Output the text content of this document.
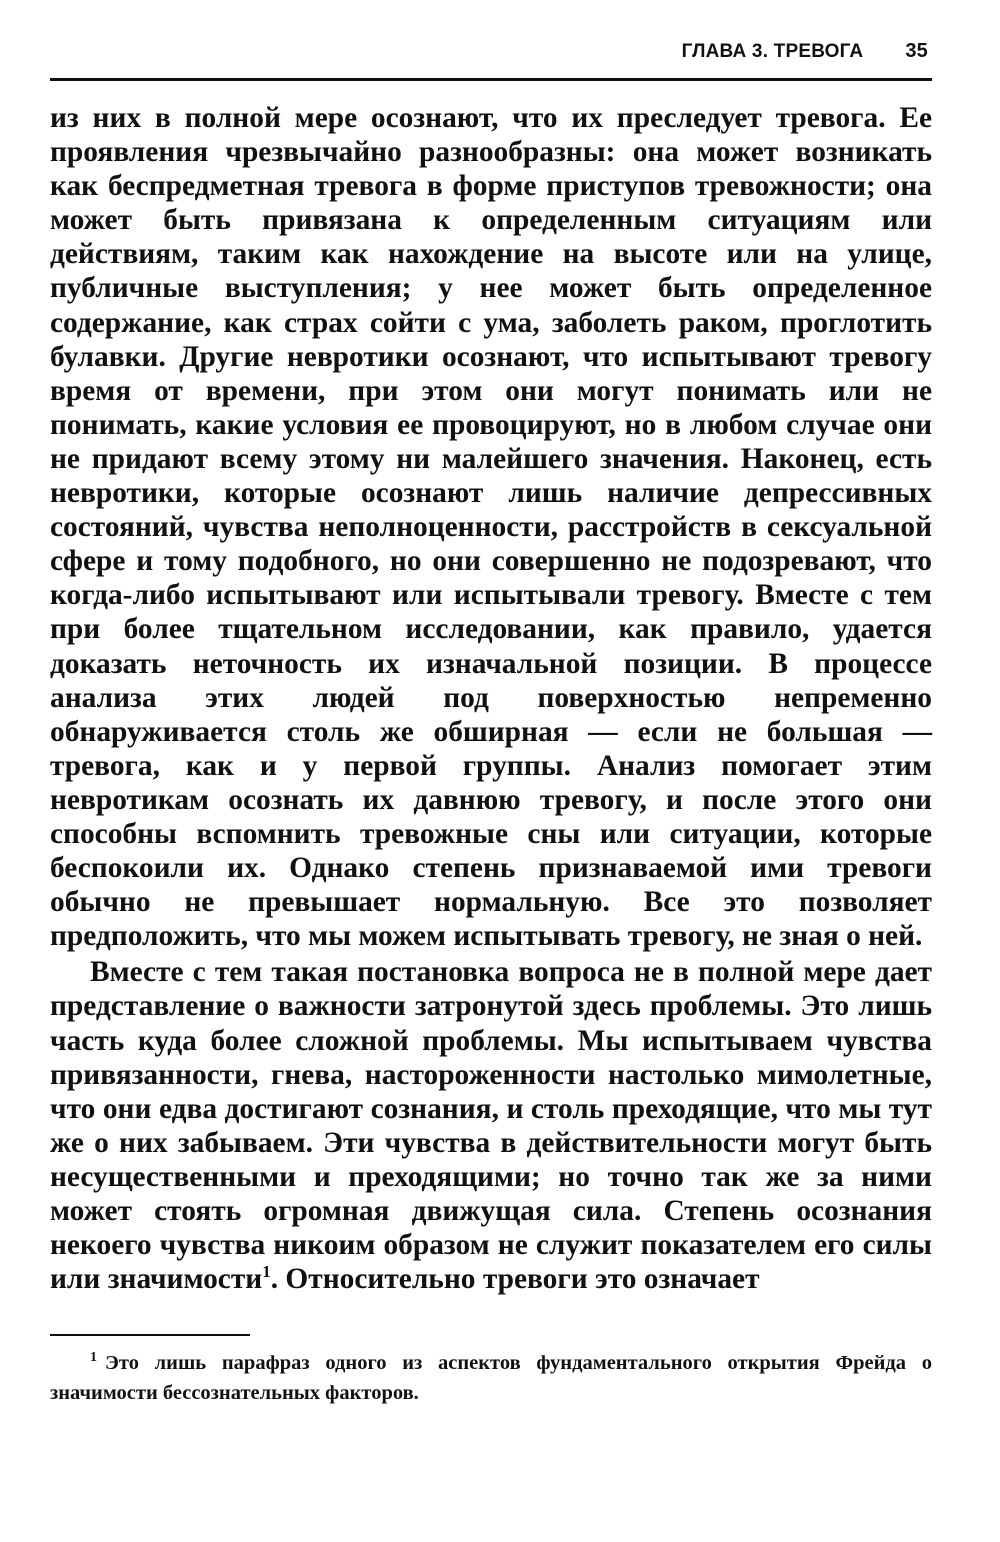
ГЛАВА 3. ТРЕВОГА 35

из них в полной мере осознают, что их преследует тревога. Ее проявления чрезвычайно разнообразны: она может возникать как беспредметная тревога в форме приступов тревожности; она может быть привязана к определенным ситуациям или действиям, таким как нахождение на высоте или на улице, публичные выступления; у нее может быть определенное содержание, как страх сойти с ума, заболеть раком, проглотить булавки. Другие невротики осознают, что испытывают тревогу время от времени, при этом они могут понимать или не понимать, какие условия ее провоцируют, но в любом случае они не придают всему этому ни малейшего значения. Наконец, есть невротики, которые осознают лишь наличие депрессивных состояний, чувства неполноценности, расстройств в сексуальной сфере и тому подобного, но они совершенно не подозревают, что когда-либо испытывают или испытывали тревогу. Вместе с тем при более тщательном исследовании, как правило, удается доказать неточность их изначальной позиции. В процессе анализа этих людей под поверхностью непременно обнаруживается столь же обширная — если не большая — тревога, как и у первой группы. Анализ помогает этим невротикам осознать их давнюю тревогу, и после этого они способны вспомнить тревожные сны или ситуации, которые беспокоили их. Однако степень признаваемой ими тревоги обычно не превышает нормальную. Все это позволяет предположить, что мы можем испытывать тревогу, не зная о ней.

Вместе с тем такая постановка вопроса не в полной мере дает представление о важности затронутой здесь проблемы. Это лишь часть куда более сложной проблемы. Мы испытываем чувства привязанности, гнева, настороженности настолько мимолетные, что они едва достигают сознания, и столь преходящие, что мы тут же о них забываем. Эти чувства в действительности могут быть несущественными и преходящими; но точно так же за ними может стоять огромная движущая сила. Степень осознания некоего чувства никоим образом не служит показателем его силы или значимости$^1$. Относительно тревоги это означает

$^1$ Это лишь парафраз одного из аспектов фундаментального открытия Фрейда о значимости бессознательных факторов.
